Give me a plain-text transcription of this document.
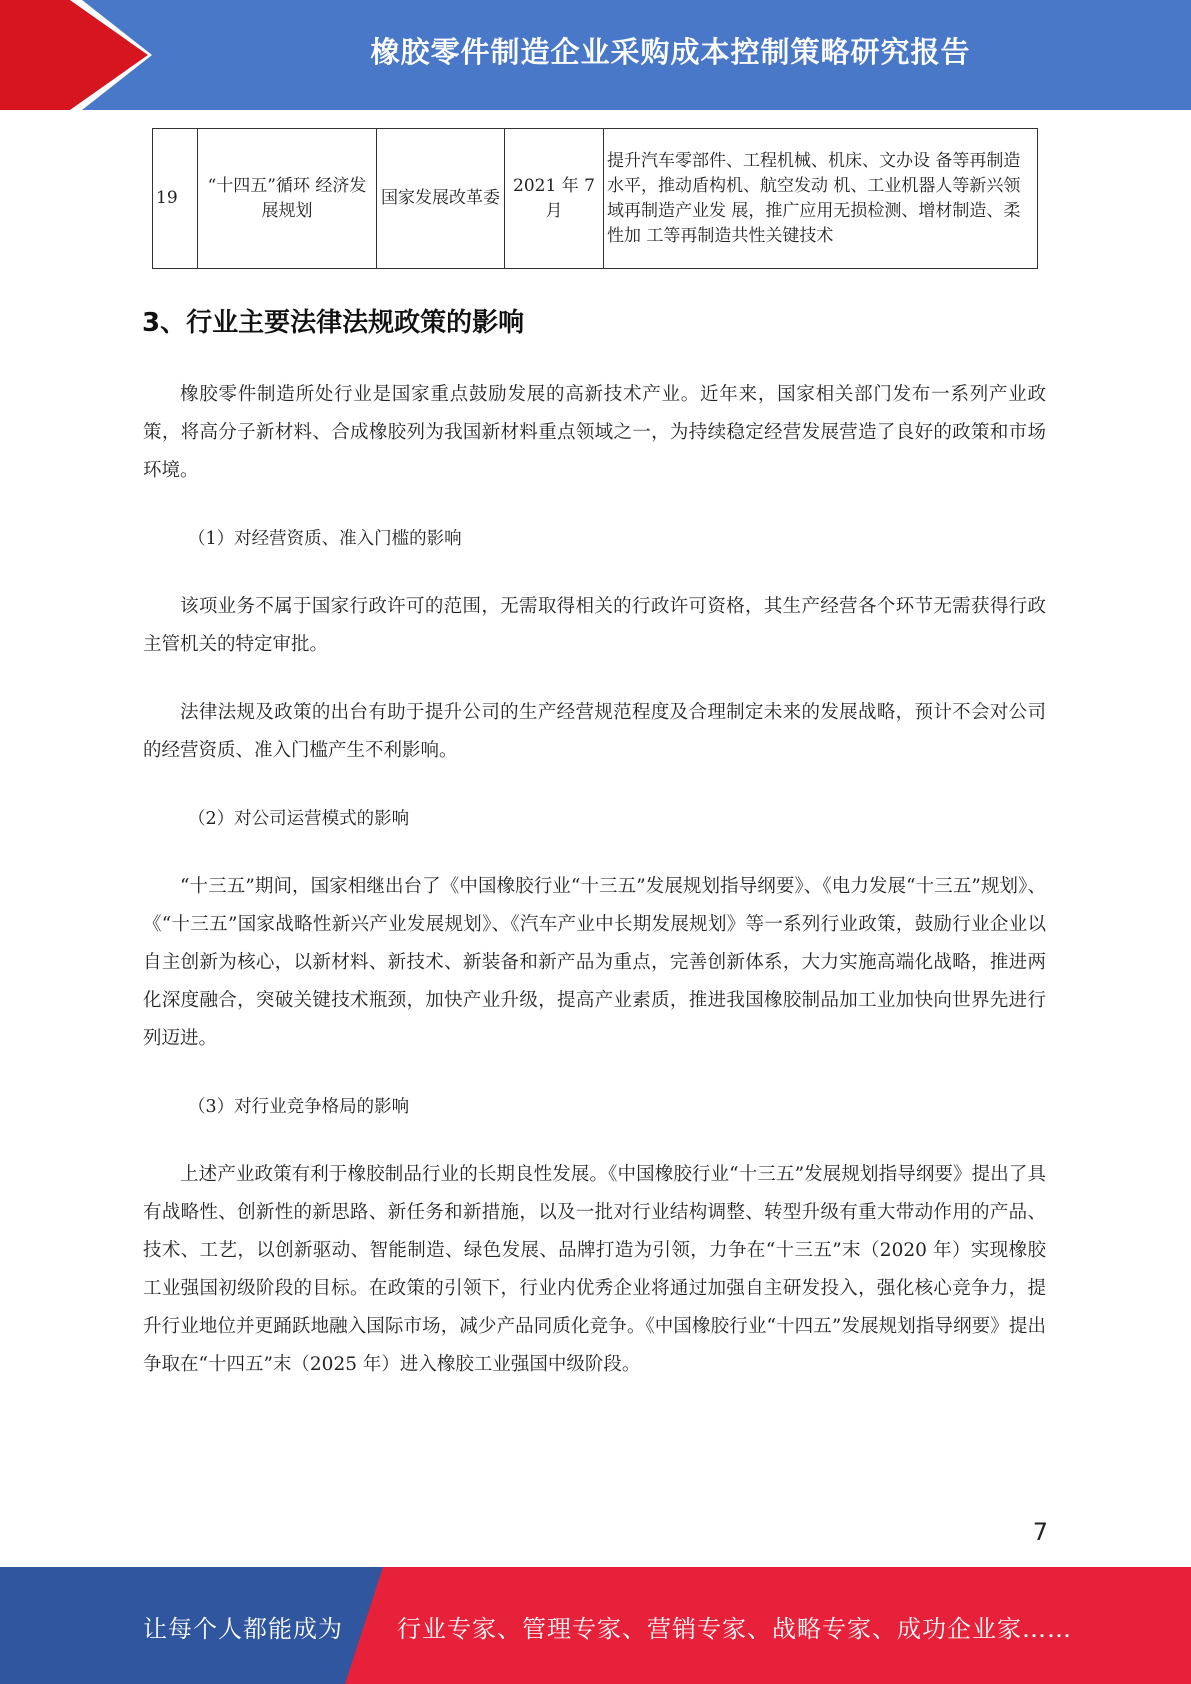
橡胶零件制造企业采购成本控制策略研究报告
19	“十四五”循环 经济发展规划	国家发展改革委	2021 年 7月	提升汽车零部件、工程机械、机床、文办设 备等再制造水平，推动盾构机、航空发动 机、工业机器人等新兴领域再制造产业发 展，推广应用无损检测、增材制造、柔性加 工等再制造共性关键技术
3、行业主要法律法规政策的影响

橡胶零件制造所处行业是国家重点鼓励发展的高新技术产业。近年来，国家相关部门发布一系列产业政策，将高分子新材料、合成橡胶列为我国新材料重点领域之一，为持续稳定经营发展营造了良好的政策和市场环境。

（1）对经营资质、准入门槛的影响

该项业务不属于国家行政许可的范围，无需取得相关的行政许可资格，其生产经营各个环节无需获得行政主管机关的特定审批。

法律法规及政策的出台有助于提升公司的生产经营规范程度及合理制定未来的发展战略，预计不会对公司的经营资质、准入门槛产生不利影响。

（2）对公司运营模式的影响

“十三五”期间，国家相继出台了《中国橡胶行业“十三五”发展规划指导纲要》、《电力发展“十三五”规划》、《“十三五”国家战略性新兴产业发展规划》、《汽车产业中长期发展规划》等一系列行业政策，鼓励行业企业以自主创新为核心，以新材料、新技术、新装备和新产品为重点，完善创新体系，大力实施高端化战略，推进两化深度融合，突破关键技术瓶颈，加快产业升级，提高产业素质，推进我国橡胶制品加工业加快向世界先进行列迈进。

（3）对行业竞争格局的影响

上述产业政策有利于橡胶制品行业的长期良性发展。《中国橡胶行业“十三五”发展规划指导纲要》提出了具有战略性、创新性的新思路、新任务和新措施，以及一批对行业结构调整、转型升级有重大带动作用的产品、技术、工艺，以创新驱动、智能制造、绿色发展、品牌打造为引领，力争在“十三五”末（2020 年）实现橡胶工业强国初级阶段的目标。在政策的引领下，行业内优秀企业将通过加强自主研发投入，强化核心竞争力，提升行业地位并更踊跃地融入国际市场，减少产品同质化竞争。《中国橡胶行业“十四五”发展规划指导纲要》提出争取在“十四五”末（2025 年）进入橡胶工业强国中级阶段。

7
让每个人都能成为 行业专家、管理专家、营销专家、战略专家、成功企业家……
